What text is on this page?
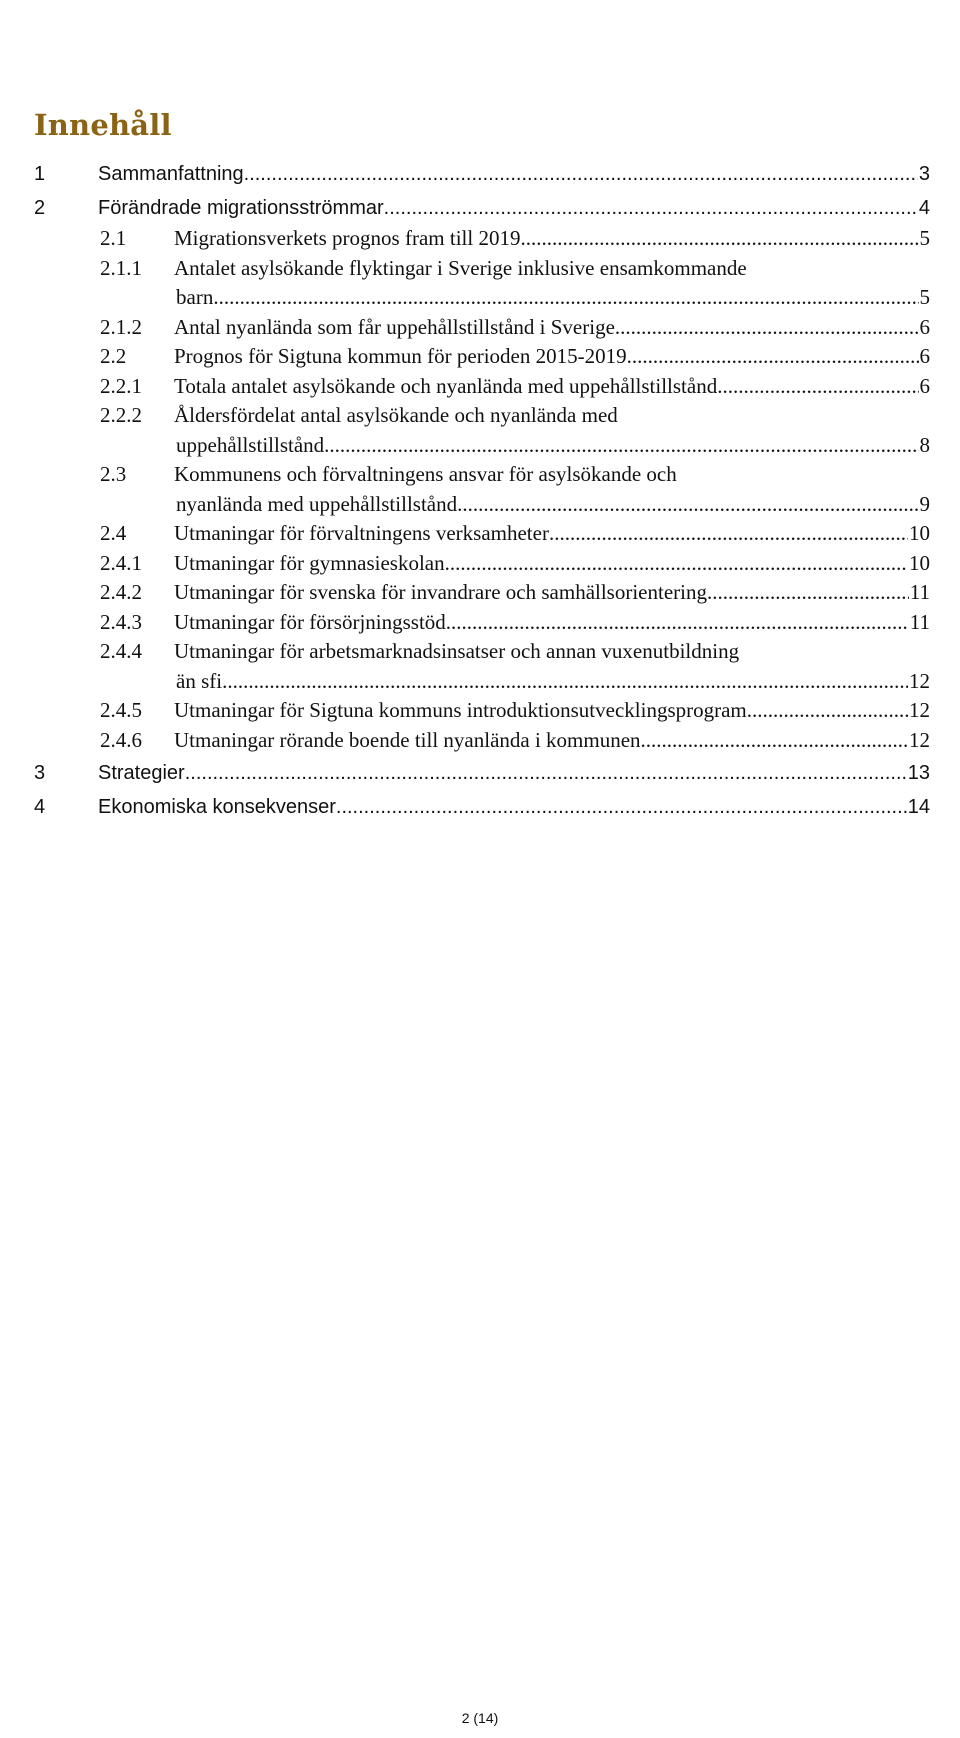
Innehåll
1	Sammanfattning .....	3
2	Förändrade migrationsströmmar .....	4
2.1	Migrationsverkets prognos fram till 2019 .....	5
2.1.1	Antalet asylsökande flyktingar i Sverige inklusive ensamkommande
barn .....	5
2.1.2	Antal nyanlända som får uppehållstillstånd i Sverige .....	6
2.2	Prognos för Sigtuna kommun för perioden 2015-2019 .....	6
2.2.1	Totala antalet asylsökande och nyanlända med uppehållstillstånd .....	6
2.2.2	Åldersfördelat antal asylsökande och nyanlända med
uppehållstillstånd .....	8
2.3	Kommunens och förvaltningens ansvar för asylsökande och
nyanlända med uppehållstillstånd .....	9
2.4	Utmaningar för förvaltningens verksamheter .....	10
2.4.1	Utmaningar för gymnasieskolan .....	10
2.4.2	Utmaningar för svenska för invandrare och samhällsorientering .....	11
2.4.3	Utmaningar för försörjningsstöd .....	11
2.4.4	Utmaningar för arbetsmarknadsinsatser och annan vuxenutbildning
än sfi .....	12
2.4.5	Utmaningar för Sigtuna kommuns introduktionsutvecklingsprogram .....	12
2.4.6	Utmaningar rörande boende till nyanlända i kommunen .....	12
3	Strategier .....	13
4	Ekonomiska konsekvenser .....	14
2 (14)
